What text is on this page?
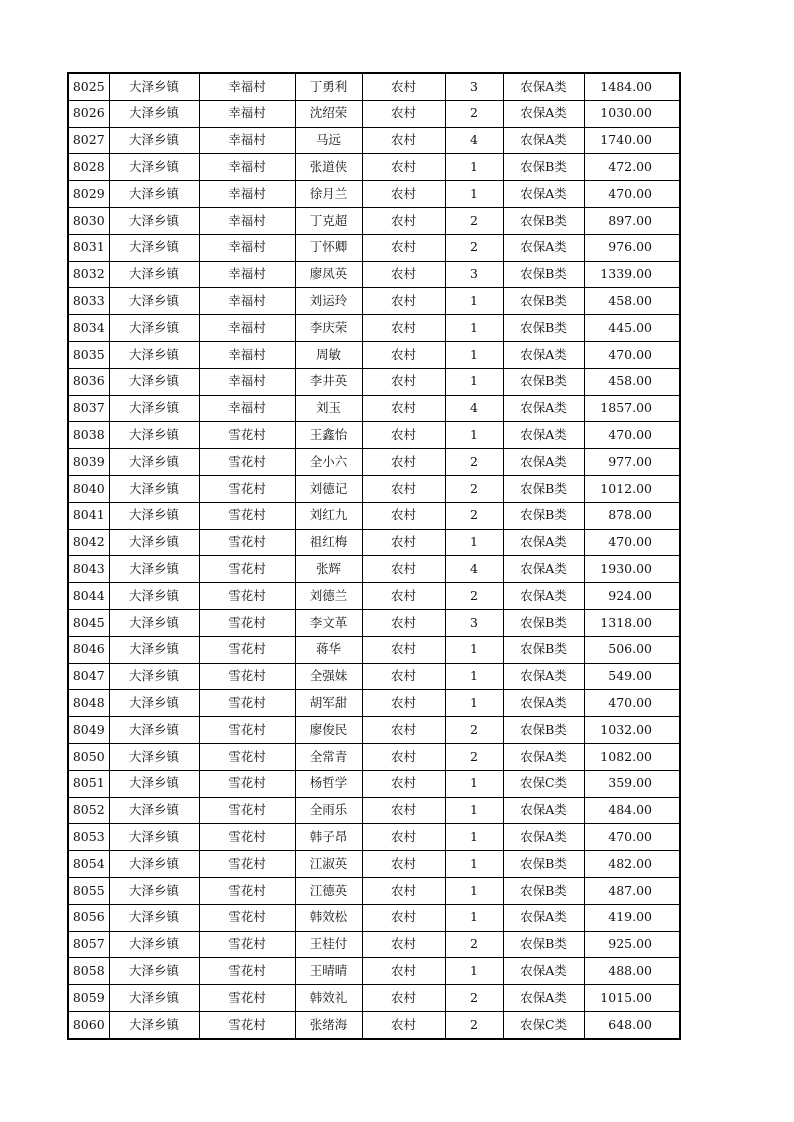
8025	大泽乡镇	幸福村	丁勇利	农村	3	农保A类	1484.00
8026	大泽乡镇	幸福村	沈绍荣	农村	2	农保A类	1030.00
8027	大泽乡镇	幸福村	马远	农村	4	农保A类	1740.00
8028	大泽乡镇	幸福村	张道侠	农村	1	农保B类	472.00
8029	大泽乡镇	幸福村	徐月兰	农村	1	农保A类	470.00
8030	大泽乡镇	幸福村	丁克超	农村	2	农保B类	897.00
8031	大泽乡镇	幸福村	丁怀卿	农村	2	农保A类	976.00
8032	大泽乡镇	幸福村	廖凤英	农村	3	农保B类	1339.00
8033	大泽乡镇	幸福村	刘运玲	农村	1	农保B类	458.00
8034	大泽乡镇	幸福村	李庆荣	农村	1	农保B类	445.00
8035	大泽乡镇	幸福村	周敏	农村	1	农保A类	470.00
8036	大泽乡镇	幸福村	李井英	农村	1	农保B类	458.00
8037	大泽乡镇	幸福村	刘玉	农村	4	农保A类	1857.00
8038	大泽乡镇	雪花村	王鑫怡	农村	1	农保A类	470.00
8039	大泽乡镇	雪花村	全小六	农村	2	农保A类	977.00
8040	大泽乡镇	雪花村	刘德记	农村	2	农保B类	1012.00
8041	大泽乡镇	雪花村	刘红九	农村	2	农保B类	878.00
8042	大泽乡镇	雪花村	祖红梅	农村	1	农保A类	470.00
8043	大泽乡镇	雪花村	张辉	农村	4	农保A类	1930.00
8044	大泽乡镇	雪花村	刘德兰	农村	2	农保A类	924.00
8045	大泽乡镇	雪花村	李文革	农村	3	农保B类	1318.00
8046	大泽乡镇	雪花村	蒋华	农村	1	农保B类	506.00
8047	大泽乡镇	雪花村	全强妹	农村	1	农保A类	549.00
8048	大泽乡镇	雪花村	胡军甜	农村	1	农保A类	470.00
8049	大泽乡镇	雪花村	廖俊民	农村	2	农保B类	1032.00
8050	大泽乡镇	雪花村	全常青	农村	2	农保A类	1082.00
8051	大泽乡镇	雪花村	杨哲学	农村	1	农保C类	359.00
8052	大泽乡镇	雪花村	全雨乐	农村	1	农保A类	484.00
8053	大泽乡镇	雪花村	韩子昂	农村	1	农保A类	470.00
8054	大泽乡镇	雪花村	江淑英	农村	1	农保B类	482.00
8055	大泽乡镇	雪花村	江德英	农村	1	农保B类	487.00
8056	大泽乡镇	雪花村	韩效松	农村	1	农保A类	419.00
8057	大泽乡镇	雪花村	王桂付	农村	2	农保B类	925.00
8058	大泽乡镇	雪花村	王晴晴	农村	1	农保A类	488.00
8059	大泽乡镇	雪花村	韩效礼	农村	2	农保A类	1015.00
8060	大泽乡镇	雪花村	张绪海	农村	2	农保C类	648.00
